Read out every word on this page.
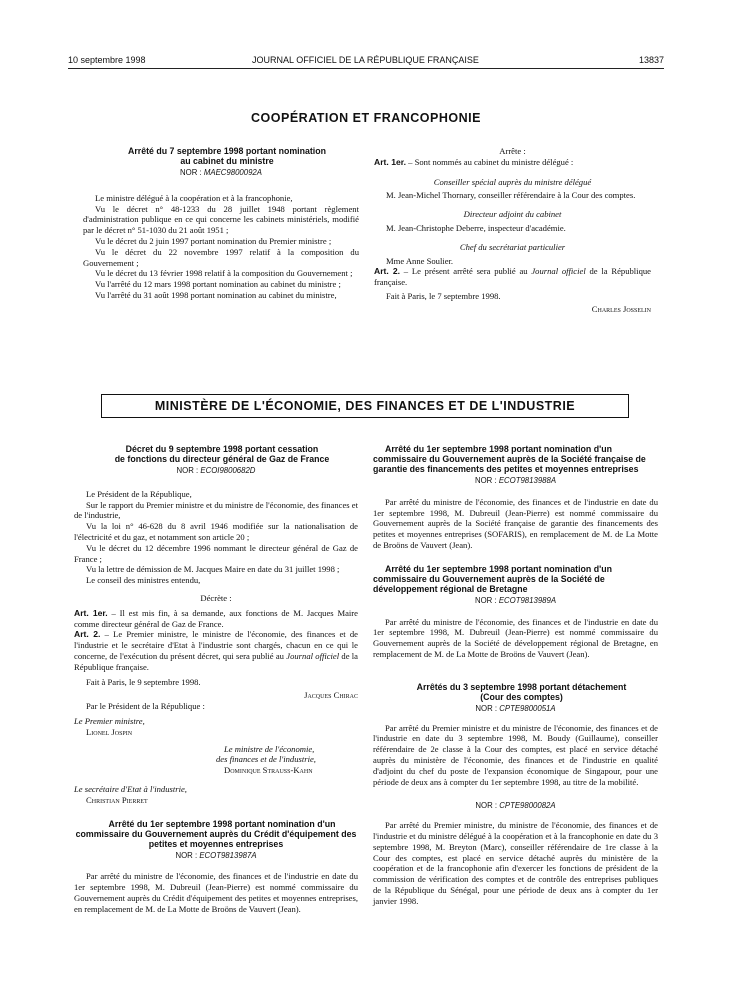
10 septembre 1998	JOURNAL OFFICIEL DE LA RÉPUBLIQUE FRANÇAISE	13837
COOPÉRATION ET FRANCOPHONIE

Arrêté du 7 septembre 1998 portant nomination

au cabinet du ministre

NOR : MAEC9800092A

Le ministre délégué à la coopération et à la francophonie,

Vu le décret n° 48-1233 du 28 juillet 1948 portant règlement d'administration publique en ce qui concerne les cabinets ministériels, modifié par le décret n° 51-1030 du 21 août 1951 ;

Vu le décret du 2 juin 1997 portant nomination du Premier ministre ;

Vu le décret du 22 novembre 1997 relatif à la composition du Gouvernement ;

Vu le décret du 13 février 1998 relatif à la composition du Gouvernement ;

Vu l'arrêté du 12 mars 1998 portant nomination au cabinet du ministre ;

Vu l'arrêté du 31 août 1998 portant nomination au cabinet du ministre,

Arrête :

Art. 1er. – Sont nommés au cabinet du ministre délégué :

Conseiller spécial auprès du ministre délégué

M. Jean-Michel Thornary, conseiller référendaire à la Cour des comptes.

Directeur adjoint du cabinet

M. Jean-Christophe Deberre, inspecteur d'académie.

Chef du secrétariat particulier

Mme Anne Soulier.

Art. 2. – Le présent arrêté sera publié au Journal officiel de la République française.

Fait à Paris, le 7 septembre 1998.

Charles Josselin

MINISTÈRE DE L'ÉCONOMIE, DES FINANCES ET DE L'INDUSTRIE

Décret du 9 septembre 1998 portant cessation

de fonctions du directeur général de Gaz de France

NOR : ECOI9800682D

Le Président de la République,

Sur le rapport du Premier ministre et du ministre de l'économie, des finances et de l'industrie,

Vu la loi n° 46-628 du 8 avril 1946 modifiée sur la nationalisation de l'électricité et du gaz, et notamment son article 20 ;

Vu le décret du 12 décembre 1996 nommant le directeur général de Gaz de France ;

Vu la lettre de démission de M. Jacques Maire en date du 31 juillet 1998 ;

Le conseil des ministres entendu,

Décrète :

Art. 1er. – Il est mis fin, à sa demande, aux fonctions de M. Jacques Maire comme directeur général de Gaz de France.

Art. 2. – Le Premier ministre, le ministre de l'économie, des finances et de l'industrie et le secrétaire d'Etat à l'industrie sont chargés, chacun en ce qui le concerne, de l'exécution du présent décret, qui sera publié au Journal officiel de la République française.

Fait à Paris, le 9 septembre 1998.

Jacques Chirac

Par le Président de la République :

Le Premier ministre,

Lionel Jospin

Le ministre de l'économie,

des finances et de l'industrie,

Dominique Strauss-Kahn

Le secrétaire d'Etat à l'industrie,

Christian Pierret

Arrêté du 1er septembre 1998 portant nomination d'un commissaire du Gouvernement auprès du Crédit d'équipement des petites et moyennes entreprises

NOR : ECOT9813987A

Par arrêté du ministre de l'économie, des finances et de l'industrie en date du 1er septembre 1998, M. Dubreuil (Jean-Pierre) est nommé commissaire du Gouvernement auprès du Crédit d'équipement des petites et moyennes entreprises, en remplacement de M. de La Motte de Broöns de Vauvert (Jean).

Arrêté du 1er septembre 1998 portant nomination d'un commissaire du Gouvernement auprès de la Société française de garantie des financements des petites et moyennes entreprises

NOR : ECOT9813988A

Par arrêté du ministre de l'économie, des finances et de l'industrie en date du 1er septembre 1998, M. Dubreuil (Jean-Pierre) est nommé commissaire du Gouvernement auprès de la Société française de garantie des financements des petites et moyennes entreprises (SOFARIS), en remplacement de M. de La Motte de Broöns de Vauvert (Jean).

Arrêté du 1er septembre 1998 portant nomination d'un commissaire du Gouvernement auprès de la Société de développement régional de Bretagne

NOR : ECOT9813989A

Par arrêté du ministre de l'économie, des finances et de l'industrie en date du 1er septembre 1998, M. Dubreuil (Jean-Pierre) est nommé commissaire du Gouvernement auprès de la Société de développement régional de Bretagne, en remplacement de M. de La Motte de Broöns de Vauvert (Jean).

Arrêtés du 3 septembre 1998 portant détachement

(Cour des comptes)

NOR : CPTE9800051A

Par arrêté du Premier ministre et du ministre de l'économie, des finances et de l'industrie en date du 3 septembre 1998, M. Boudy (Guillaume), conseiller référendaire de 2e classe à la Cour des comptes, est placé en service détaché auprès du ministère de l'économie, des finances et de l'industrie en qualité d'adjoint du chef du poste de l'expansion économique de Singapour, pour une période de deux ans à compter du 1er septembre 1998, au titre de la mobilité.

NOR : CPTE9800082A

Par arrêté du Premier ministre, du ministre de l'économie, des finances et de l'industrie et du ministre délégué à la coopération et à la francophonie en date du 3 septembre 1998, M. Breyton (Marc), conseiller référendaire de 1re classe à la Cour des comptes, est placé en service détaché auprès du ministère de la coopération et de la francophonie afin d'exercer les fonctions de président de la commission de vérification des comptes et de contrôle des entreprises publiques de la République du Sénégal, pour une période de deux ans à compter du 1er janvier 1998.
